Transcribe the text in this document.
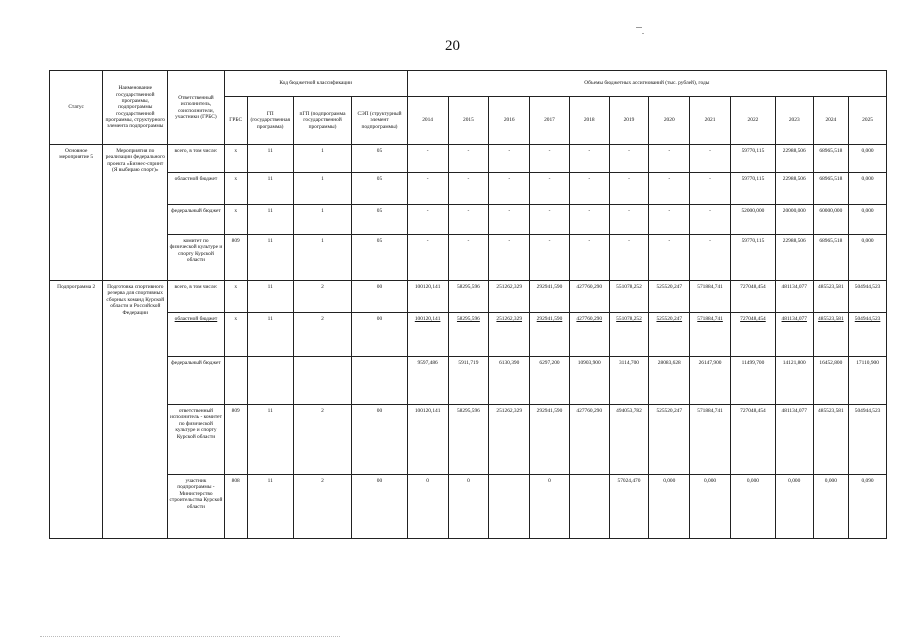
20
Статус	Наименование государственной программы, подпрограммы государственной программы, структурного элемента подпрограммы	Ответственный исполнитель, соисполнители, участники (ГРБС)	Код бюджетной классификации				Объемы бюджетных ассигнований (тыс. рублей), годы											
			ГРБС	ГП (государственная программа)	пГП (подпрограмма государственной программы)	СЭП (структурный элемент подпрограммы)	2014	2015	2016	2017	2018	2019	2020	2021	2022	2023	2024	2025
Основное мероприятие 5	Мероприятия по реализации федерального проекта «Бизнес-спринт (Я выбираю спорт)»	всего, в том числе:	х	11	1	05	-	-	-	-	-	-	-	-	59770,115	22988,506	68965,518	0,000
		областной бюджет	х	11	1	05	-	-	-	-	-	-	-	-	59770,115	22988,506	68965,518	0,000
		федеральный бюджет	х	11	1	05	-	-	-	-	-	-	-	-	52000,000	20000,000	60000,000	0,000
		комитет по физической культуре и спорту Курской области	809	11	1	05	-	-	-	-	-	-	-	-	59770,115	22988,506	68965,518	0,000
Подпрограмма 2	Подготовка спортивного резерва для спортивных сборных команд Курской области и Российской Федерации	всего, в том числе:	х	11	2	00	100120,141	58295,596	251262,329	292941,590	427760,290	551078,252	525520,247	571884,741	727048,454	481134,077	485523,581	504944,523
		областной бюджет	х	11	2	00	100120,141	58295,596	251262,329	292941,590	427760,290	551078,252	525520,247	571884,741	727048,454	481134,077	485523,581	504944,523
		федеральный бюджет					9597,486	5911,719	6130,390	6297,200	10903,900	3114,700	28083,628	26147,900	11499,700	14121,800	16452,800	17110,900
		ответственный исполнитель - комитет по физической культуре и спорту Курской области	809	11	2	00	100120,141	58295,596	251262,329	292941,590	427760,290	494053,782	525520,247	571884,741	727048,454	481134,077	485523,581	504944,523
		участник подпрограммы - Министерство строительства Курской области	808	11	2	00	0	0		0		57024,470	0,000	0,000	0,000	0,000	0,000	0,090
